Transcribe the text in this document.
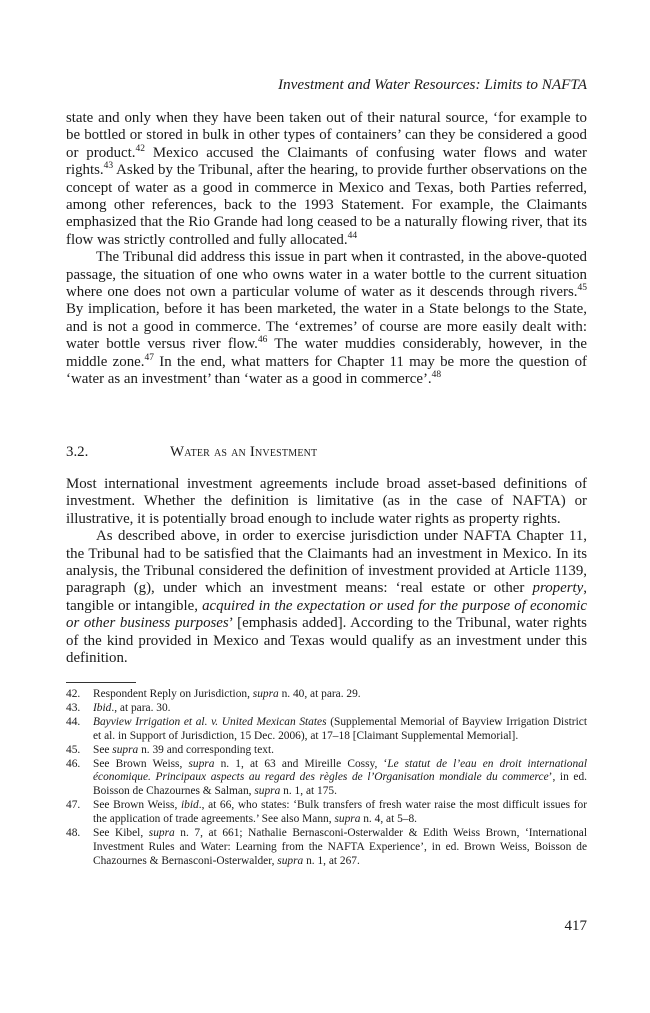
Investment and Water Resources: Limits to NAFTA

state and only when they have been taken out of their natural source, ‘for example to be bottled or stored in bulk in other types of containers’ can they be considered a good or product.$^{42}$ Mexico accused the Claimants of confusing water flows and water rights.$^{43}$ Asked by the Tribunal, after the hearing, to provide further observations on the concept of water as a good in commerce in Mexico and Texas, both Parties referred, among other references, back to the 1993 Statement. For example, the Claimants emphasized that the Rio Grande had long ceased to be a naturally flowing river, that its flow was strictly controlled and fully allocated.$^{44}$

The Tribunal did address this issue in part when it contrasted, in the above-quoted passage, the situation of one who owns water in a water bottle to the current situation where one does not own a particular volume of water as it descends through rivers.$^{45}$ By implication, before it has been marketed, the water in a State belongs to the State, and is not a good in commerce. The ‘extremes’ of course are more easily dealt with: water bottle versus river flow.$^{46}$ The water muddies considerably, however, in the middle zone.$^{47}$ In the end, what matters for Chapter 11 may be more the question of ‘water as an investment’ than ‘water as a good in commerce’.$^{48}$

3.2.	Water as an Investment

Most international investment agreements include broad asset-based definitions of investment. Whether the definition is limitative (as in the case of NAFTA) or illustrative, it is potentially broad enough to include water rights as property rights.

As described above, in order to exercise jurisdiction under NAFTA Chapter 11, the Tribunal had to be satisfied that the Claimants had an investment in Mexico. In its analysis, the Tribunal considered the definition of investment provided at Article 1139, paragraph (g), under which an investment means: ‘real estate or other property, tangible or intangible, acquired in the expectation or used for the purpose of economic or other business purposes’ [emphasis added]. According to the Tribunal, water rights of the kind provided in Mexico and Texas would qualify as an investment under this definition.

42.	Respondent Reply on Jurisdiction, supra n. 40, at para. 29.
43.	Ibid., at para. 30.
44.	Bayview Irrigation et al. v. United Mexican States (Supplemental Memorial of Bayview Irrigation District et al. in Support of Jurisdiction, 15 Dec. 2006), at 17–18 [Claimant Supplemental Memorial].
45.	See supra n. 39 and corresponding text.
46.	See Brown Weiss, supra n. 1, at 63 and Mireille Cossy, ‘Le statut de l’eau en droit international économique. Principaux aspects au regard des règles de l’Organisation mondiale du commerce’, in ed. Boisson de Chazournes & Salman, supra n. 1, at 175.
47.	See Brown Weiss, ibid., at 66, who states: ‘Bulk transfers of fresh water raise the most difficult issues for the application of trade agreements.’ See also Mann, supra n. 4, at 5–8.
48.	See Kibel, supra n. 7, at 661; Nathalie Bernasconi-Osterwalder & Edith Weiss Brown, ‘International Investment Rules and Water: Learning from the NAFTA Experience’, in ed. Brown Weiss, Boisson de Chazournes & Bernasconi-Osterwalder, supra n. 1, at 267.
417
